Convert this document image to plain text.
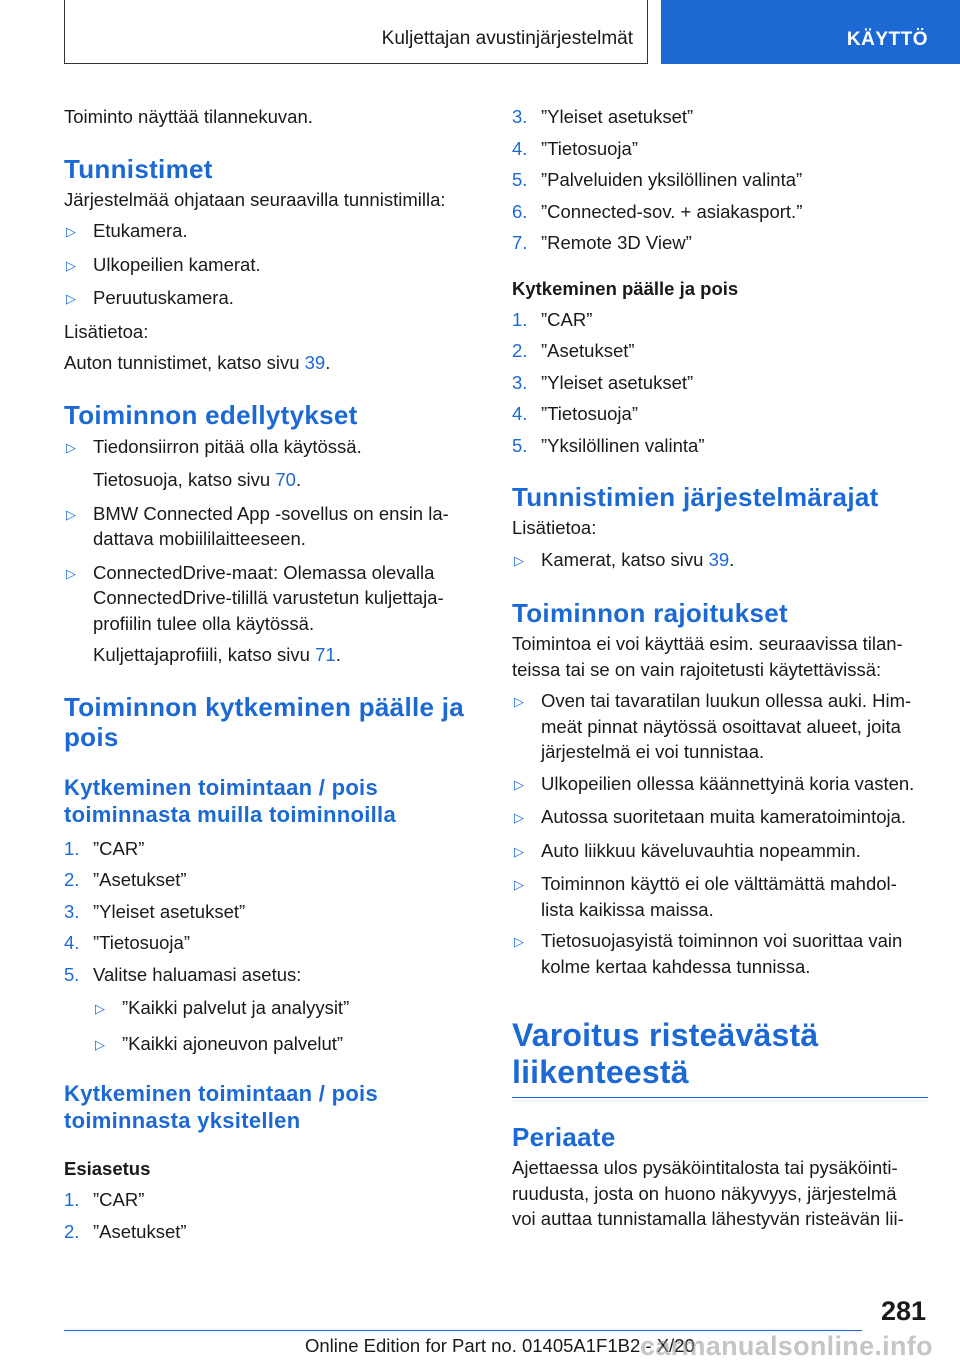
Kuljettajan avustinjärjestelmät	KÄYTTÖ

Toiminto näyttää tilannekuvan.

Tunnistimet

Järjestelmää ohjataan seuraavilla tunnistimilla:

▷ Etukamera.
▷ Ulkopeilien kamerat.
▷ Peruutuskamera.

Lisätietoa:

Auton tunnistimet, katso sivu 39.

Toiminnon edellytykset
▷ Tiedonsiirron pitää olla käytössä.

Tietosuoja, katso sivu 70.

▷ BMW Connected App -sovellus on ensin la-
dattava mobiililaitteeseen.
▷ ConnectedDrive-maat: Olemassa olevalla
ConnectedDrive-tilillä varustetun kuljettaja-
profiilin tulee olla käytössä.

Kuljettajaprofiili, katso sivu 71.

Toiminnon kytkeminen päälle ja
pois
Kytkeminen toimintaan / pois
toiminnasta muilla toiminnoilla
1. ”CAR”
2. ”Asetukset”
3. ”Yleiset asetukset”
4. ”Tietosuoja”
5. Valitse haluamasi asetus:
▷ ”Kaikki palvelut ja analyysit”
▷ ”Kaikki ajoneuvon palvelut”
Kytkeminen toimintaan / pois
toiminnasta yksitellen
Esiasetus
1. ”CAR”
2. ”Asetukset”
3. ”Yleiset asetukset”
4. ”Tietosuoja”
5. ”Palveluiden yksilöllinen valinta”
6. ”Connected-sov. + asiakasport.”
7. ”Remote 3D View”
Kytkeminen päälle ja pois
1. ”CAR”
2. ”Asetukset”
3. ”Yleiset asetukset”
4. ”Tietosuoja”
5. ”Yksilöllinen valinta”
Tunnistimien järjestelmärajat

Lisätietoa:

▷ Kamerat, katso sivu 39.
Toiminnon rajoitukset

Toimintoa ei voi käyttää esim. seuraavissa tilan-
teissa tai se on vain rajoitetusti käytettävissä:

▷ Oven tai tavaratilan luukun ollessa auki. Him-
meät pinnat näytössä osoittavat alueet, joita
järjestelmä ei voi tunnistaa.
▷ Ulkopeilien ollessa käännettyinä koria vasten.
▷ Autossa suoritetaan muita kameratoimintoja.
▷ Auto liikkuu käveluvauhtia nopeammin.
▷ Toiminnon käyttö ei ole välttämättä mahdol-
lista kaikissa maissa.
▷ Tietosuojasyistä toiminnon voi suorittaa vain
kolme kertaa kahdessa tunnissa.
Varoitus risteävästä
liikenteestä
Periaate

Ajettaessa ulos pysäköintitalosta tai pysäköinti-
ruudusta, josta on huono näkyvyys, järjestelmä
voi auttaa tunnistamalla lähestyvän risteävän lii-

281
Online Edition for Part no. 01405A1F1B2 - X/20
carmanualsonline.info
